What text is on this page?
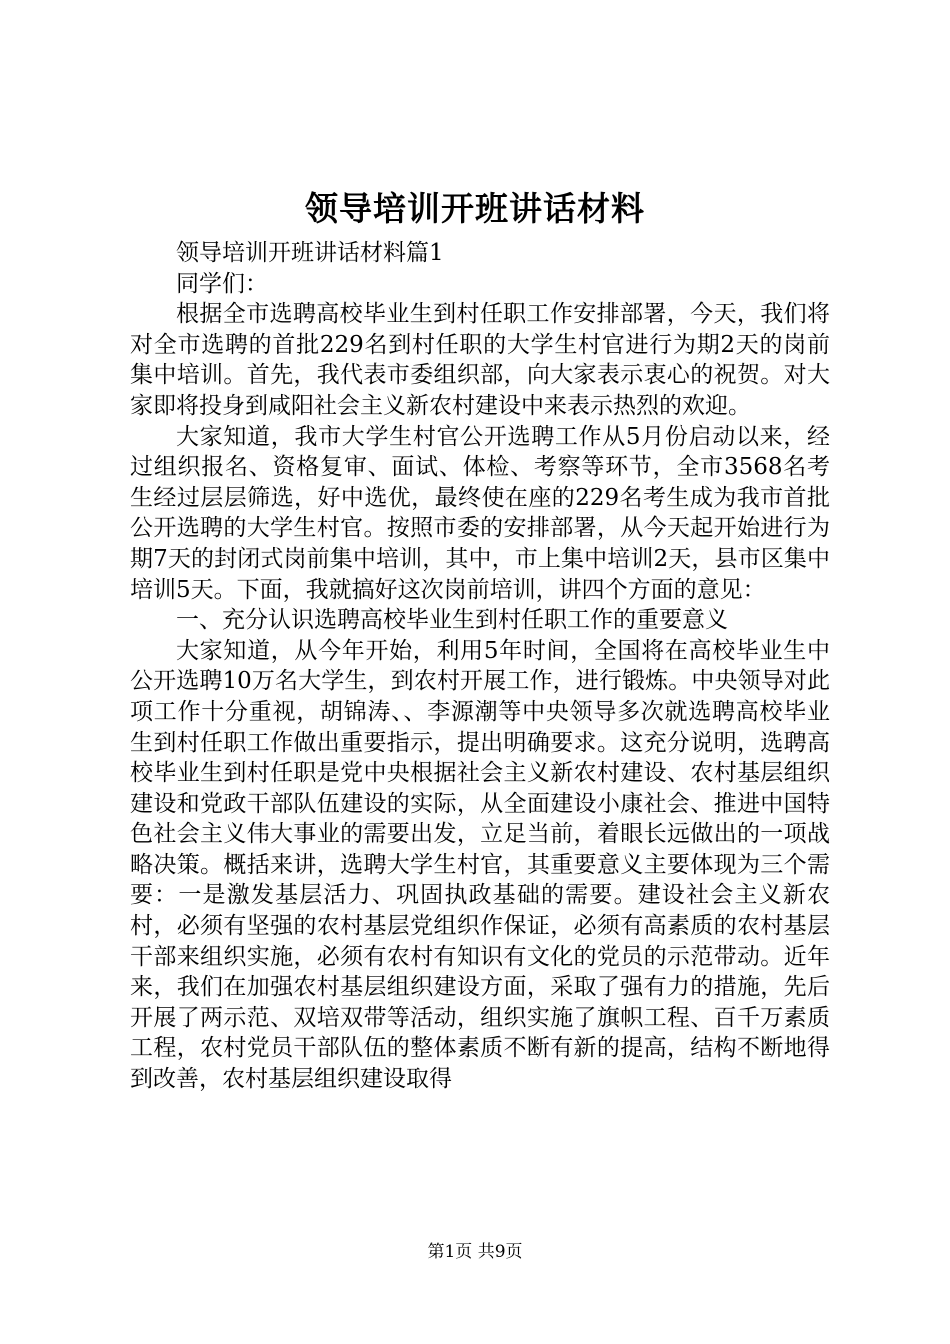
领导培训开班讲话材料

领导培训开班讲话材料篇1

同学们：

根据全市选聘高校毕业生到村任职工作安排部署，今天，我们将对全市选聘的首批229名到村任职的大学生村官进行为期2天的岗前集中培训。首先，我代表市委组织部，向大家表示衷心的祝贺。对大家即将投身到咸阳社会主义新农村建设中来表示热烈的欢迎。

大家知道，我市大学生村官公开选聘工作从5月份启动以来，经过组织报名、资格复审、面试、体检、考察等环节，全市3568名考生经过层层筛选，好中选优，最终使在座的229名考生成为我市首批公开选聘的大学生村官。按照市委的安排部署，从今天起开始进行为期7天的封闭式岗前集中培训，其中，市上集中培训2天，县市区集中培训5天。下面，我就搞好这次岗前培训，讲四个方面的意见：

一、充分认识选聘高校毕业生到村任职工作的重要意义

大家知道，从今年开始，利用5年时间，全国将在高校毕业生中公开选聘10万名大学生，到农村开展工作，进行锻炼。中央领导对此项工作十分重视，胡锦涛、、李源潮等中央领导多次就选聘高校毕业生到村任职工作做出重要指示，提出明确要求。这充分说明，选聘高校毕业生到村任职是党中央根据社会主义新农村建设、农村基层组织建设和党政干部队伍建设的实际，从全面建设小康社会、推进中国特色社会主义伟大事业的需要出发，立足当前，着眼长远做出的一项战略决策。概括来讲，选聘大学生村官，其重要意义主要体现为三个需要：一是激发基层活力、巩固执政基础的需要。建设社会主义新农村，必须有坚强的农村基层党组织作保证，必须有高素质的农村基层干部来组织实施，必须有农村有知识有文化的党员的示范带动。近年来，我们在加强农村基层组织建设方面，采取了强有力的措施，先后开展了两示范、双培双带等活动，组织实施了旗帜工程、百千万素质工程，农村党员干部队伍的整体素质不断有新的提高，结构不断地得到改善，农村基层组织建设取得

第1页 共9页
